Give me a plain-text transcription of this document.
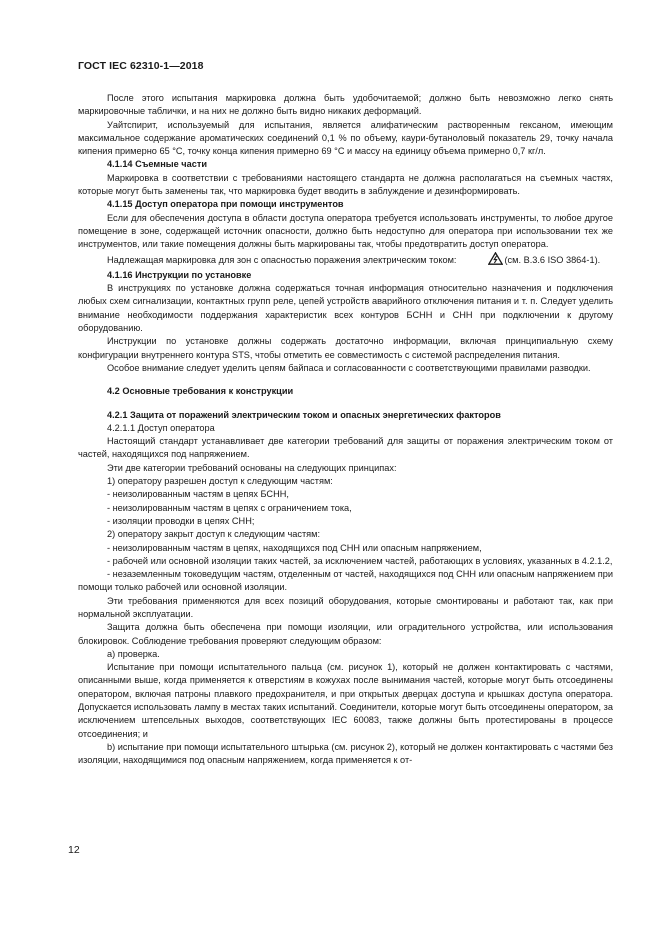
ГОСТ IEC 62310-1—2018

После этого испытания маркировка должна быть удобочитаемой; должно быть невозможно легко снять маркировочные таблички, и на них не должно быть видно никаких деформаций.

Уайтспирит, используемый для испытания, является алифатическим растворенным гексаном, имеющим максимальное содержание ароматических соединений 0,1 % по объему, каури-бутаноловый показатель 29, точку начала кипения примерно 65 °С, точку конца кипения примерно 69 °С и массу на единицу объема примерно 0,7 кг/л.

4.1.14 Съемные части

Маркировка в соответствии с требованиями настоящего стандарта не должна располагаться на съемных частях, которые могут быть заменены так, что маркировка будет вводить в заблуждение и дезинформировать.

4.1.15 Доступ оператора при помощи инструментов

Если для обеспечения доступа в области доступа оператора требуется использовать инструменты, то любое другое помещение в зоне, содержащей источник опасности, должно быть недоступно для оператора при использовании тех же инструментов, или такие помещения должны быть маркированы так, чтобы предотвратить доступ оператора.

Надлежащая маркировка для зон с опасностью поражения электрическим током:	(см. В.3.6 ISO 3864-1).

4.1.16 Инструкции по установке

В инструкциях по установке должна содержаться точная информация относительно назначения и подключения любых схем сигнализации, контактных групп реле, цепей устройств аварийного отключения питания и т. п. Следует уделить внимание необходимости поддержания характеристик всех контуров БСНН и СНН при подключении к другому оборудованию.

Инструкции по установке должны содержать достаточно информации, включая принципиальную схему конфигурации внутреннего контура STS, чтобы отметить ее совместимость с системой распределения питания.

Особое внимание следует уделить цепям байпаса и согласованности с соответствующими правилами разводки.

4.2 Основные требования к конструкции

4.2.1 Защита от поражений электрическим током и опасных энергетических факторов

4.2.1.1 Доступ оператора

Настоящий стандарт устанавливает две категории требований для защиты от поражения электрическим током от частей, находящихся под напряжением.

Эти две категории требований основаны на следующих принципах:

1) оператору разрешен доступ к следующим частям:

- неизолированным частям в цепях БСНН,

- неизолированным частям в цепях с ограничением тока,

- изоляции проводки в цепях СНН;

2) оператору закрыт доступ к следующим частям:

- неизолированным частям в цепях, находящихся под СНН или опасным напряжением,

- рабочей или основной изоляции таких частей, за исключением частей, работающих в условиях, указанных в 4.2.1.2,

- незаземленным токоведущим частям, отделенным от частей, находящихся под СНН или опасным напряжением при помощи только рабочей или основной изоляции.

Эти требования применяются для всех позиций оборудования, которые смонтированы и работают так, как при нормальной эксплуатации.

Защита должна быть обеспечена при помощи изоляции, или оградительного устройства, или использования блокировок. Соблюдение требования проверяют следующим образом:

а) проверка.

Испытание при помощи испытательного пальца (см. рисунок 1), который не должен контактировать с частями, описанными выше, когда применяется к отверстиям в кожухах после вынимания частей, которые могут быть отсоединены оператором, включая патроны плавкого предохранителя, и при открытых дверцах доступа и крышках доступа оператора. Допускается использовать лампу в местах таких испытаний. Соединители, которые могут быть отсоединены оператором, за исключением штепсельных выходов, соответствующих IEC 60083, также должны быть протестированы в процессе отсоединения; и

b) испытание при помощи испытательного штырька (см. рисунок 2), который не должен контактировать с частями без изоляции, находящимися под опасным напряжением, когда применяется к от-

12
